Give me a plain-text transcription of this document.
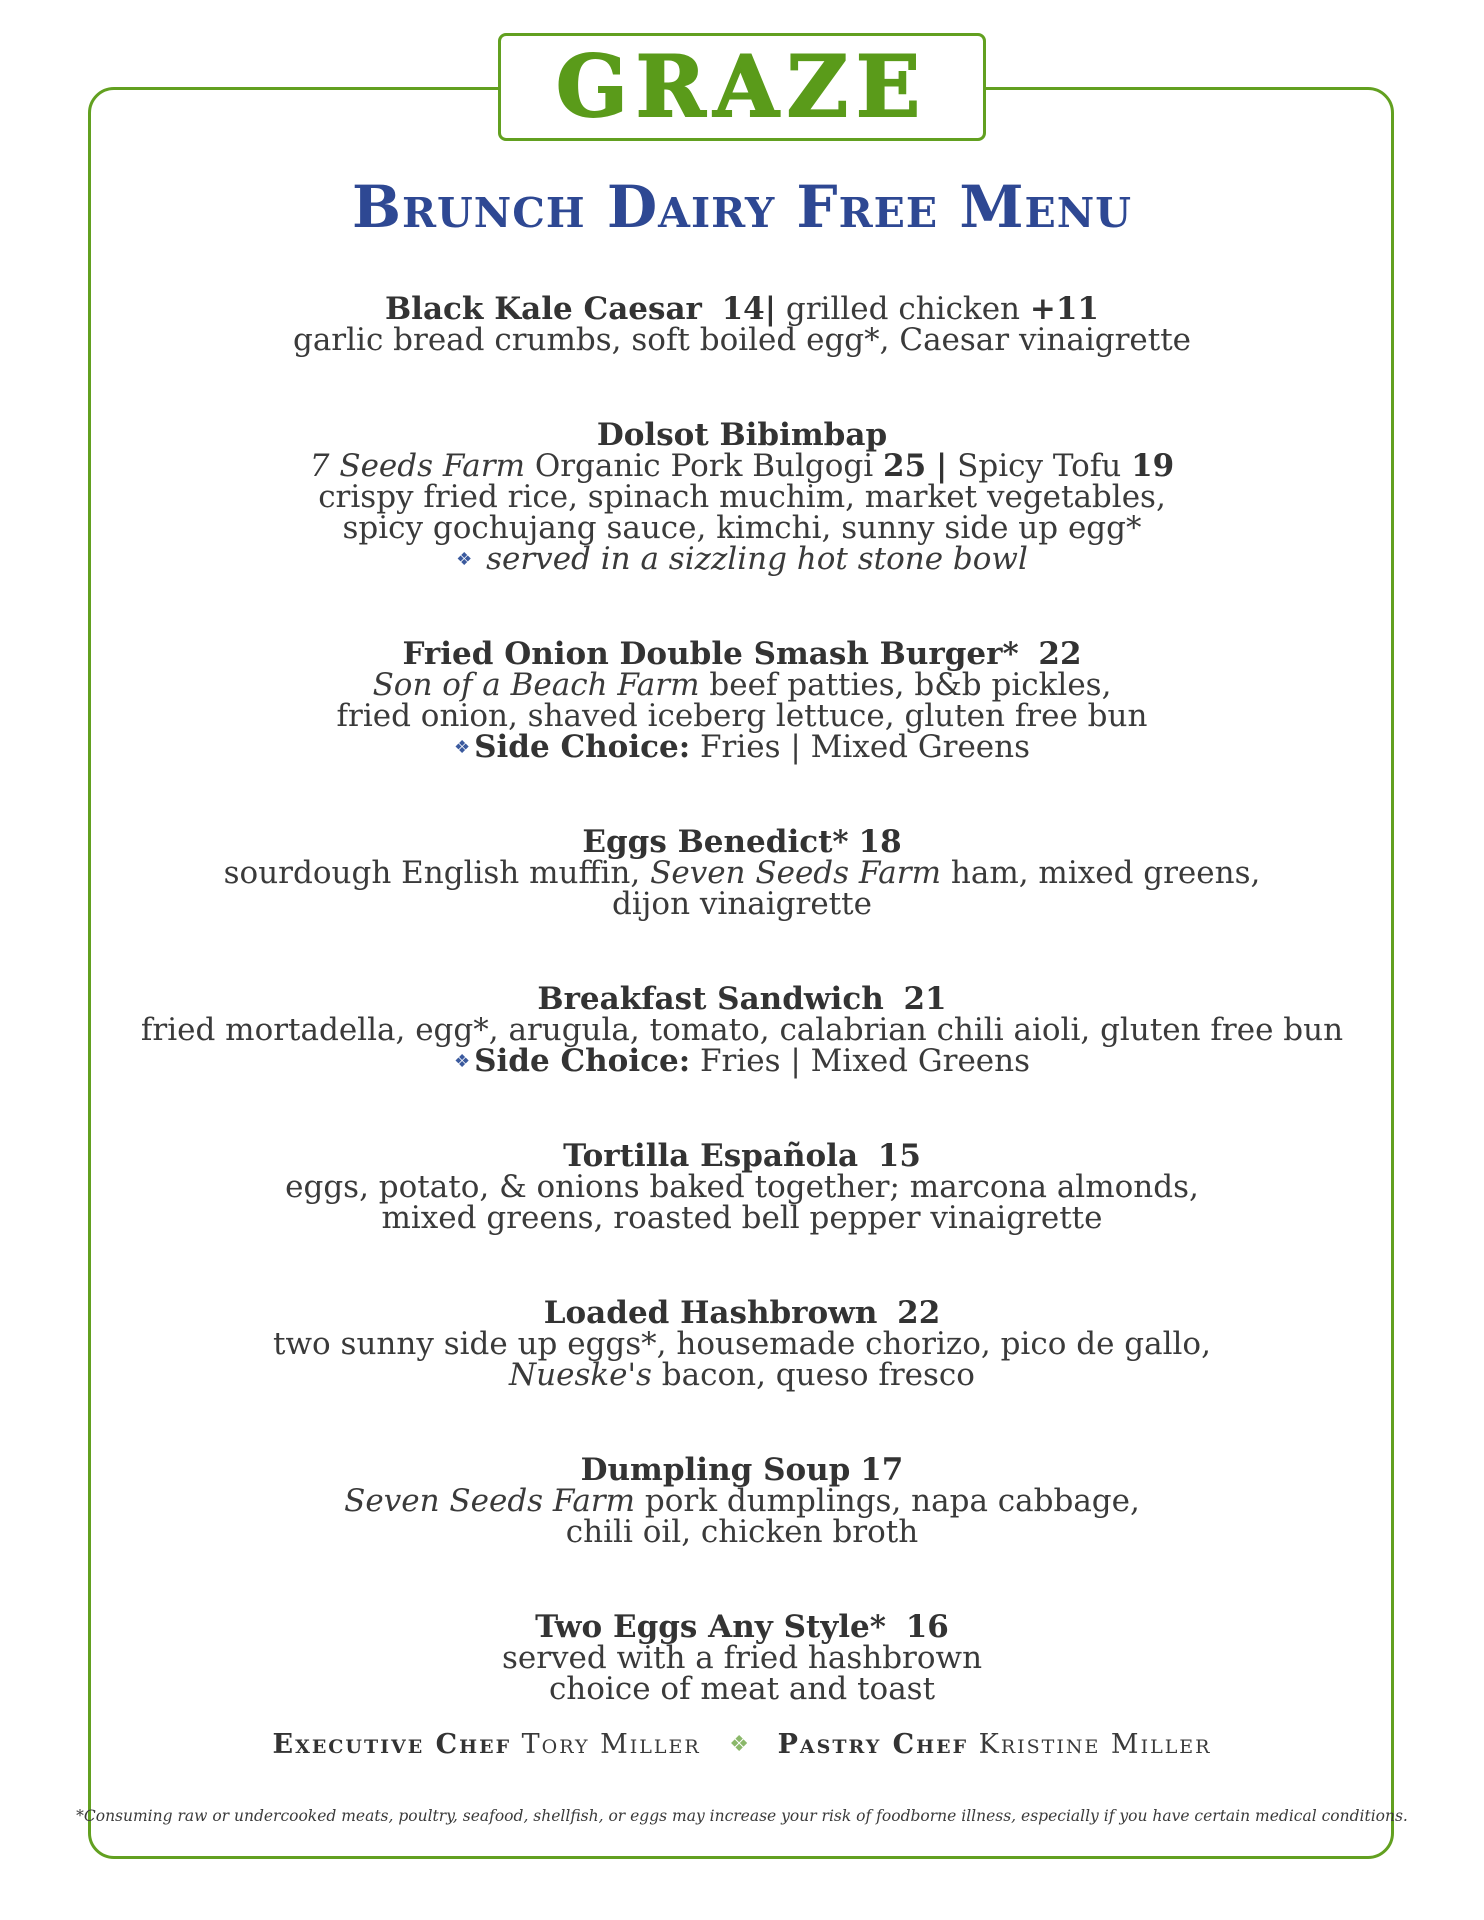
GRAZE
Brunch Dairy Free Menu
Black Kale Caesar 14| grilled chicken +11
garlic bread crumbs, soft boiled egg*, Caesar vinaigrette
Dolsot Bibimbap
7 Seeds Farm Organic Pork Bulgogi 25 | Spicy Tofu 19
crispy fried rice, spinach muchim, market vegetables,
spicy gochujang sauce, kimchi, sunny side up egg*
❖ served in a sizzling hot stone bowl
Fried Onion Double Smash Burger* 22
Son of a Beach Farm beef patties, b&b pickles,
fried onion, shaved iceberg lettuce, gluten free bun
❖ Side Choice: Fries | Mixed Greens
Eggs Benedict* 18
sourdough English muffin, Seven Seeds Farm ham, mixed greens,
dijon vinaigrette
Breakfast Sandwich 21
fried mortadella, egg*, arugula, tomato, calabrian chili aioli, gluten free bun
❖ Side Choice: Fries | Mixed Greens
Tortilla Española 15
eggs, potato, & onions baked together; marcona almonds,
mixed greens, roasted bell pepper vinaigrette
Loaded Hashbrown 22
two sunny side up eggs*, housemade chorizo, pico de gallo,
Nueske's bacon, queso fresco
Dumpling Soup 17
Seven Seeds Farm pork dumplings, napa cabbage,
chili oil, chicken broth
Two Eggs Any Style* 16
served with a fried hashbrown
choice of meat and toast
Executive Chef Tory Miller ❖ Pastry Chef Kristine Miller
*Consuming raw or undercooked meats, poultry, seafood, shellfish, or eggs may increase your risk of foodborne illness, especially if you have certain medical conditions.
